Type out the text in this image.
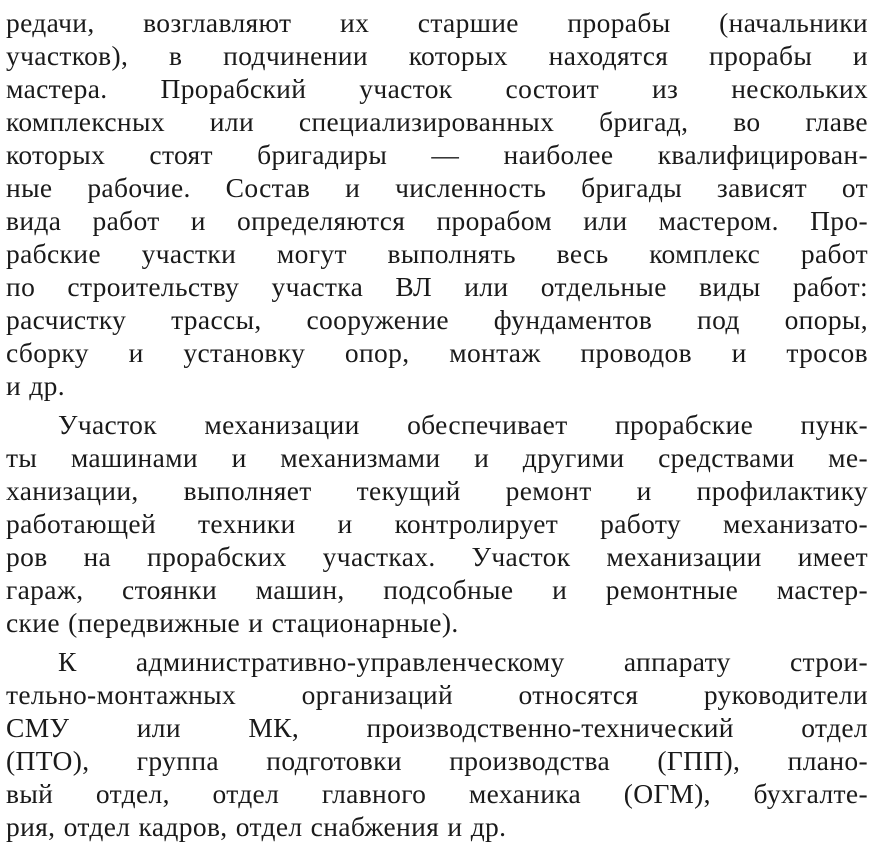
редачи, возглавляют их старшие прорабы (начальники
участков), в подчинении которых находятся прорабы и
мастера. Прорабский участок состоит из нескольких
комплексных или специализированных бригад, во главе
которых стоят бригадиры — наиболее квалифицирован-
ные рабочие. Состав и численность бригады зависят от
вида работ и определяются прорабом или мастером. Про-
рабские участки могут выполнять весь комплекс работ
по строительству участка ВЛ или отдельные виды работ:
расчистку трассы, сооружение фундаментов под опоры,
сборку и установку опор, монтаж проводов и тросов
и др.
Участок механизации обеспечивает прорабские пунк-
ты машинами и механизмами и другими средствами ме-
ханизации, выполняет текущий ремонт и профилактику
работающей техники и контролирует работу механизато-
ров на прорабских участках. Участок механизации имеет
гараж, стоянки машин, подсобные и ремонтные мастер-
ские (передвижные и стационарные).
К административно-управленческому аппарату строи-
тельно-монтажных организаций относятся руководители
СМУ или МК, производственно-технический отдел
(ПТО), группа подготовки производства (ГПП), плано-
вый отдел, отдел главного механика (ОГМ), бухгалте-
рия, отдел кадров, отдел снабжения и др.
